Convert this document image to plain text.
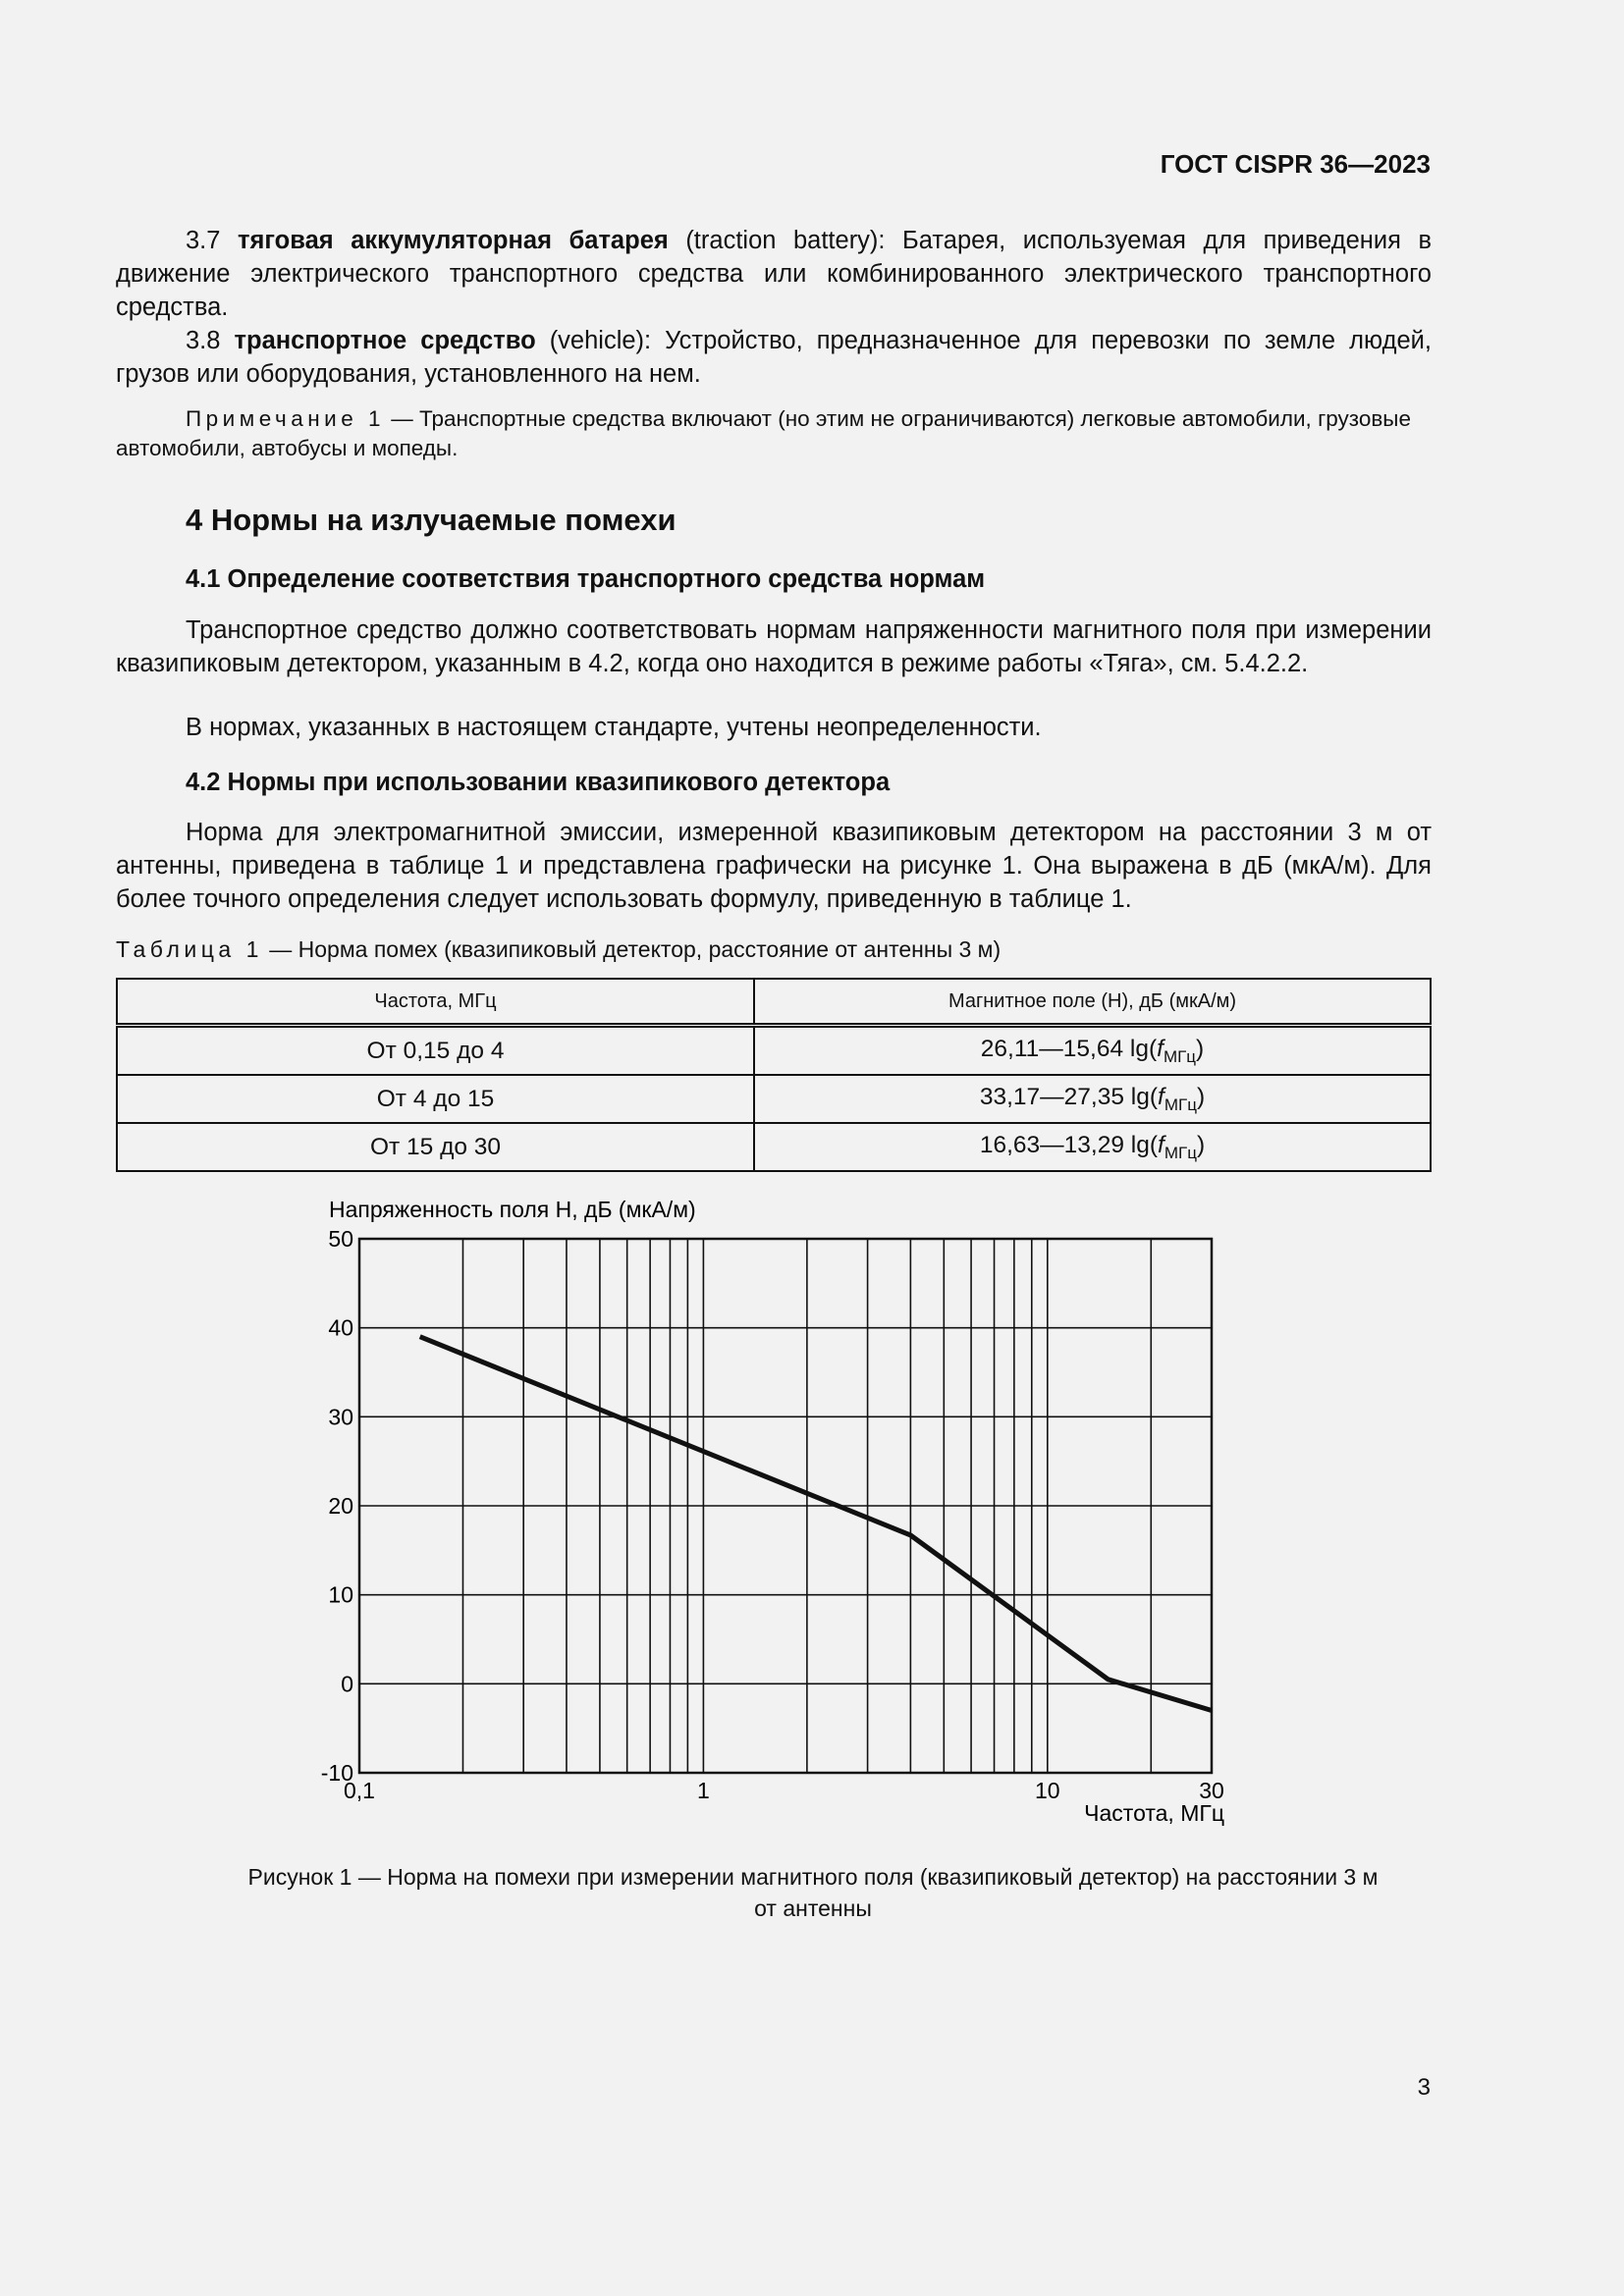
ГОСТ CISPR 36—2023
3.7 тяговая аккумуляторная батарея (traction battery): Батарея, используемая для приведения в движение электрического транспортного средства или комбинированного электрического транспортного средства.
3.8 транспортное средство (vehicle): Устройство, предназначенное для перевозки по земле людей, грузов или оборудования, установленного на нем.
Примечание 1 — Транспортные средства включают (но этим не ограничиваются) легковые автомобили, грузовые автомобили, автобусы и мопеды.
4 Нормы на излучаемые помехи
4.1 Определение соответствия транспортного средства нормам
Транспортное средство должно соответствовать нормам напряженности магнитного поля при измерении квазипиковым детектором, указанным в 4.2, когда оно находится в режиме работы «Тяга», см. 5.4.2.2.
В нормах, указанных в настоящем стандарте, учтены неопределенности.
4.2 Нормы при использовании квазипикового детектора
Норма для электромагнитной эмиссии, измеренной квазипиковым детектором на расстоянии 3 м от антенны, приведена в таблице 1 и представлена графически на рисунке 1. Она выражена в дБ (мкА/м). Для более точного определения следует использовать формулу, приведенную в таблице 1.
Таблица 1 — Норма помех (квазипиковый детектор, расстояние от антенны 3 м)
Частота, МГц	Магнитное поле (Н), дБ (мкА/м)
От 0,15 до 4	26,11—15,64 $\lg(f_{МГц})$
От 4 до 15	33,17—27,35 $\lg(f_{МГц})$
От 15 до 30	16,63—13,29 $\lg(f_{МГц})$
Напряженность поля Н, дБ (мкА/м)
Частота, МГц
-10
0
10
20
30
40
50
0,1	1	10	30
Рисунок 1 — Норма на помехи при измерении магнитного поля (квазипиковый детектор) на расстоянии 3 м
от антенны
3
